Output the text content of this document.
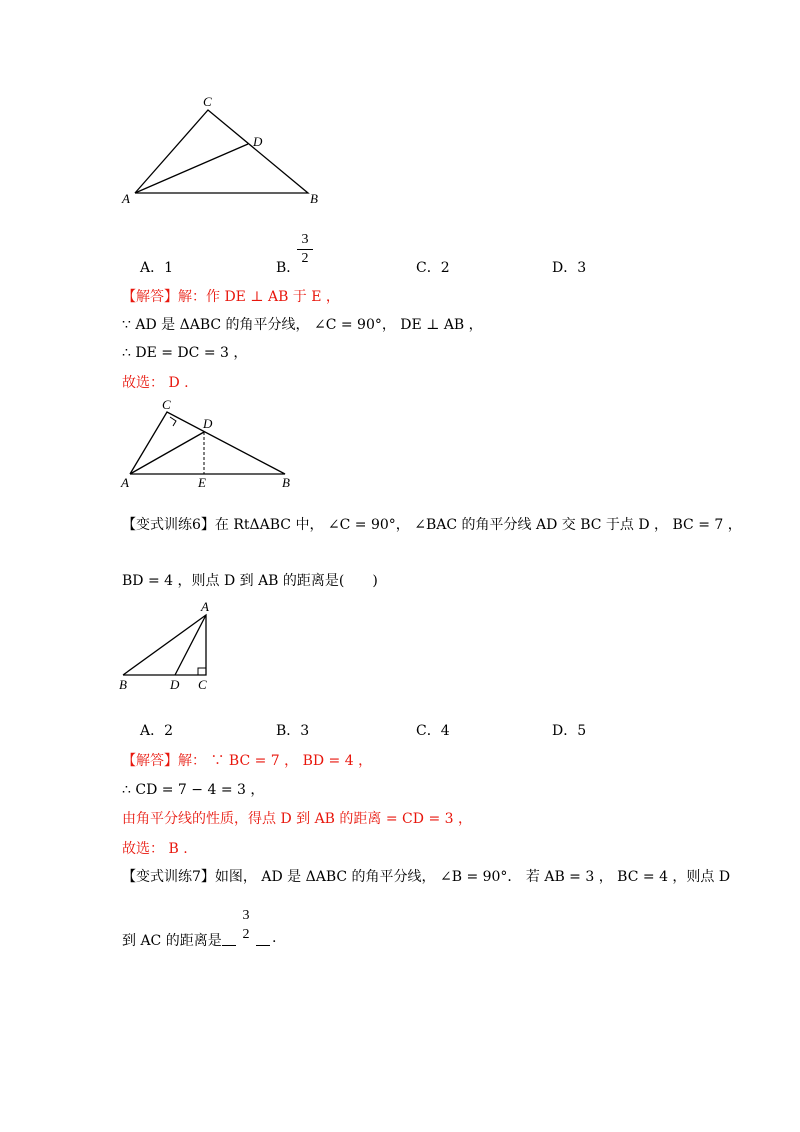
C
D
A	B
A．1	B．
3
2
C．2	D．3
【解答】解：作 DE ⊥ AB 于 E ，
∵ AD 是 ΔABC 的角平分线， ∠C = 90°， DE ⊥ AB ，
∴ DE = DC = 3 ，
故选： D .
C
D
A	E	B
【变式训练6】在 RtΔABC 中， ∠C = 90°， ∠BAC 的角平分线 AD 交 BC 于点 D ， BC = 7 ，
BD = 4 ，则点 D 到 AB 的距离是(　　)
A
B	D C
A．2	B．3	C．4	D．5
【解答】解： ∵ BC = 7 ， BD = 4 ，
∴ CD = 7 − 4 = 3 ，
由角平分线的性质，得点 D 到 AB 的距离 = CD = 3 ，
故选： B .
【变式训练7】如图， AD 是 ΔABC 的角平分线， ∠B = 90°． 若 AB = 3 ， BC = 4 ，则点 D
到 AC 的距离是
3
2 .
